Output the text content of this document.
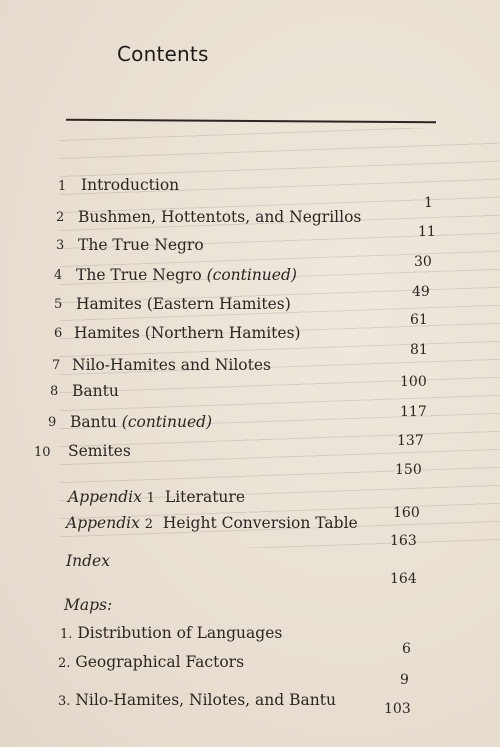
Contents
1 Introduction
1
2 Bushmen, Hottentots, and Negrillos
11
3 The True Negro
30
4 The True Negro (continued)
49
5 Hamites (Eastern Hamites)
61
6 Hamites (Northern Hamites)
81
7 Nilo-Hamites and Nilotes
100
8 Bantu
117
9 Bantu (continued)
137
10 Semites
150
Appendix 1 Literature
160
Appendix 2 Height Conversion Table
163
Index
164
Maps:
1. Distribution of Languages
6
2. Geographical Factors
9
3. Nilo-Hamites, Nilotes, and Bantu	103
